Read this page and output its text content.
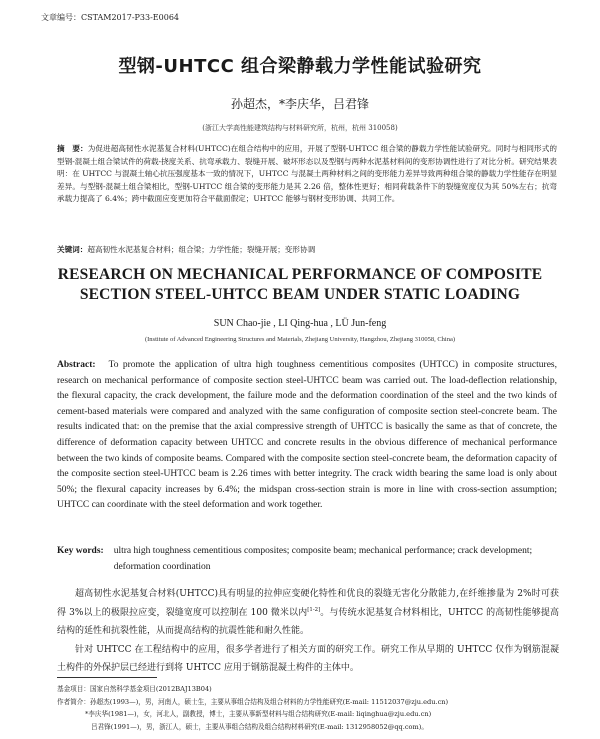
文章编号：CSTAM2017-P33-E0064
型钢-UHTCC 组合梁静载力学性能试验研究
孙超杰，*李庆华，吕君锋
(浙江大学高性能建筑结构与材料研究所，杭州，杭州 310058)
摘　要：为促进超高韧性水泥基复合材料(UHTCC)在组合结构中的应用，开展了型钢-UHTCC 组合梁的静载力学性能试验研究。同时与相同形式的型钢-混凝土组合梁试件的荷载-挠度关系、抗弯承载力、裂缝开展、破坏形态以及型钢与两种水泥基材料间的变形协调性进行了对比分析。研究结果表明：在 UHTCC 与混凝土轴心抗压强度基本一致的情况下，UHTCC 与混凝土两种材料之间的变形能力差异导致两种组合梁的静载力学性能存在明显差异。与型钢-混凝土组合梁相比，型钢-UHTCC 组合梁的变形能力是其 2.26 倍，整体性更好；相同荷载条件下的裂缝宽度仅为其 50%左右；抗弯承载力提高了 6.4%；跨中截面应变更加符合平截面假定；UHTCC 能够与钢材变形协调、共同工作。
关键词：超高韧性水泥基复合材料；组合梁；力学性能；裂缝开展；变形协调
RESEARCH ON MECHANICAL PERFORMANCE OF COMPOSITE
SECTION STEEL-UHTCC BEAM UNDER STATIC LOADING
SUN Chao-jie , LI Qing-hua , LÜ Jun-feng
(Institute of Advanced Engineering Structures and Materials, Zhejiang University, Hangzhou, Zhejiang 310058, China)
Abstract: To promote the application of ultra high toughness cementitious composites (UHTCC) in composite structures, research on mechanical performance of composite section steel-UHTCC beam was carried out. The load-deflection relationship, the flexural capacity, the crack development, the failure mode and the deformation coordination of the steel and the two kinds of cement-based materials were compared and analyzed with the same configuration of composite section steel-concrete beam. The results indicated that: on the premise that the axial compressive strength of UHTCC is basically the same as that of concrete, the difference of deformation capacity between UHTCC and concrete results in the obvious difference of mechanical performance between the two kinds of composite beams. Compared with the composite section steel-concrete beam, the deformation capacity of the composite section steel-UHTCC beam is 2.26 times with better integrity. The crack width bearing the same load is only about 50%; the flexural capacity increases by 6.4%; the midspan cross-section strain is more in line with cross-section assumption; UHTCC can coordinate with the steel deformation and work together.
Key words: ultra high toughness cementitious composites; composite beam; mechanical performance; crack development; deformation coordination

超高韧性水泥基复合材料(UHTCC)具有明显的拉伸应变硬化特性和优良的裂缝无害化分散能力,在纤维掺量为 2%时可获得 3%以上的极限拉应变，裂缝宽度可以控制在 100 微米以内[1-2]。与传统水泥基复合材料相比，UHTCC 的高韧性能够提高结构的延性和抗裂性能，从而提高结构的抗震性能和耐久性能。

针对 UHTCC 在工程结构中的应用，很多学者进行了相关方面的研究工作。研究工作从早期的 UHTCC 仅作为钢筋混凝土构件的外保护层已经进行到将 UHTCC 应用于钢筋混凝土构件的主体中。

基金项目：国家自然科学基金项目(2012BAJ13B04)
作者简介：孙超杰(1993—)，男，河南人，硕士生，主要从事组合结构及组合材料的力学性能研究(E-mail: 11512037@zju.edu.cn)
*李庆华(1981—)，女，河北人，副教授，博士，主要从事新型材料与组合结构研究(E-mail: liqinghua@zju.edu.cn)
吕君锋(1991—)，男，浙江人，硕士，主要从事组合结构及组合结构材料研究(E-mail: 1312958052@qq.com)。
